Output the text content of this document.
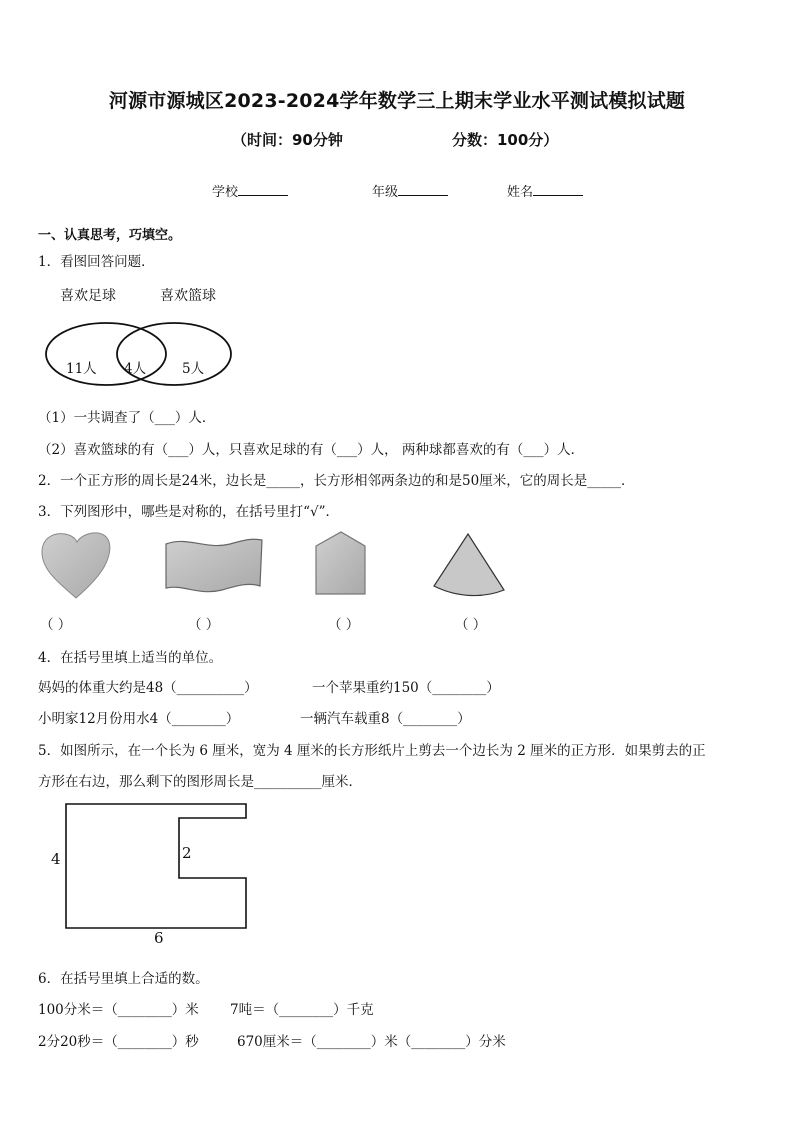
河源市源城区2023-2024学年数学三上期末学业水平测试模拟试题
（时间：90分钟	分数：100分）
学校	年级	姓名
一、认真思考，巧填空。
1．看图回答问题．
喜欢足球	喜欢篮球
11人 4人	5人
（1）一共调查了（___）人．
（2）喜欢篮球的有（___）人，只喜欢足球的有（___）人， 两种球都喜欢的有（___）人．
2．一个正方形的周长是24米，边长是_____，长方形相邻两条边的和是50厘米，它的周长是_____．
3．下列图形中，哪些是对称的，在括号里打“√”．
（ ）	（ ）	（ ）	（ ）
4．在括号里填上适当的单位。
妈妈的体重大约是48（__________）	一个苹果重约150（________）
小明家12月份用水4（________）	一辆汽车载重8（________）
5．如图所示，在一个长为 6 厘米，宽为 4 厘米的长方形纸片上剪去一个边长为 2 厘米的正方形．如果剪去的正
方形在右边，那么剩下的图形周长是__________厘米．
4	2
6
6．在括号里填上合适的数。
100分米＝（________）米 7吨＝（________）千克
2分20秒＝（________）秒	670厘米＝（________）米（________）分米
